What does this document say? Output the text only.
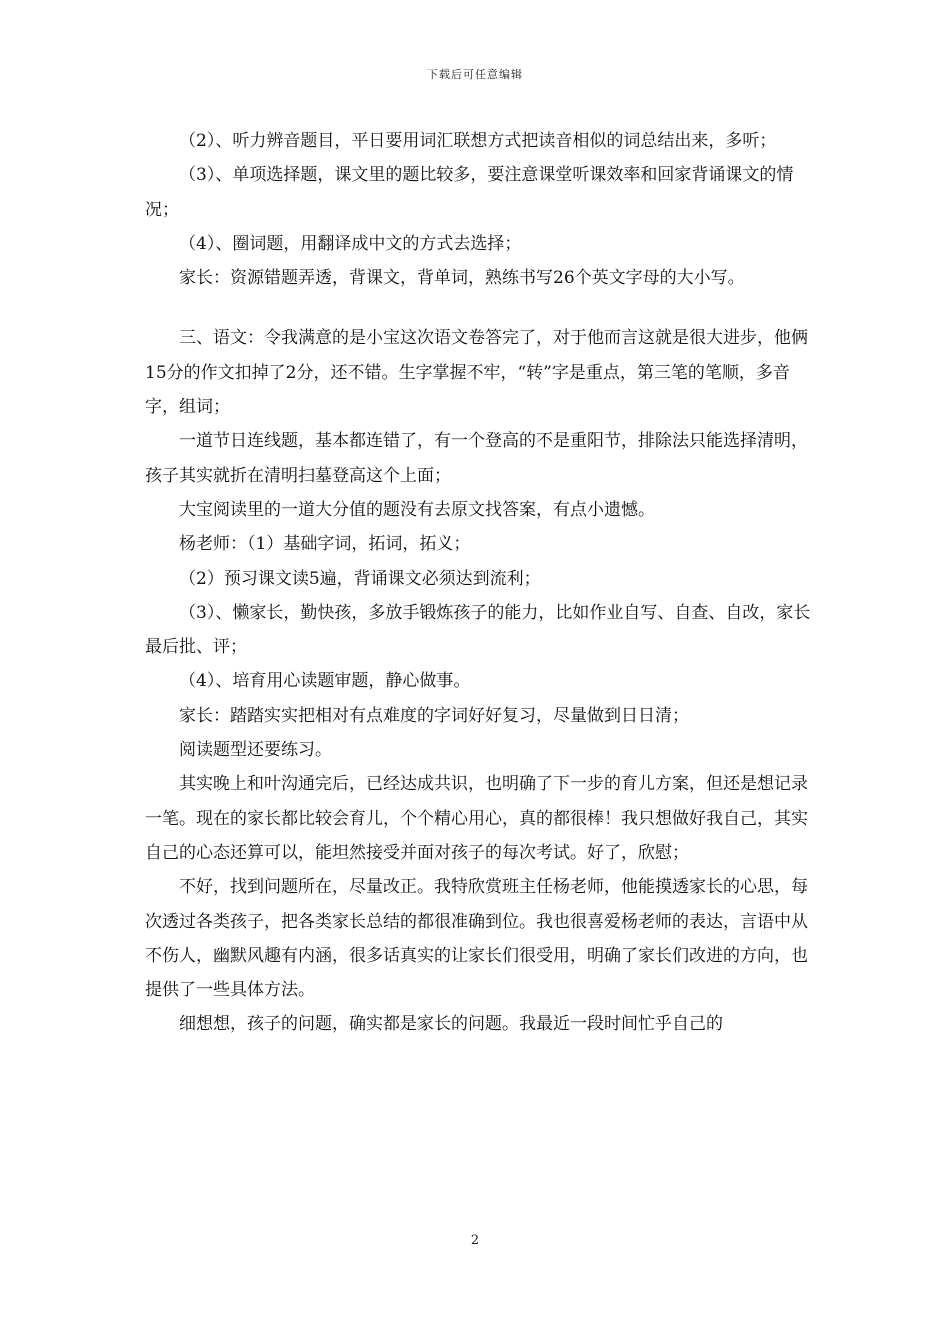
下载后可任意编辑

（2）、听力辨音题目，平日要用词汇联想方式把读音相似的词总结出来，多听；

（3）、单项选择题，课文里的题比较多，要注意课堂听课效率和回家背诵课文的情况；

（4）、圈词题，用翻译成中文的方式去选择；

家长：资源错题弄透，背课文，背单词，熟练书写26个英文字母的大小写。

三、语文：令我满意的是小宝这次语文卷答完了，对于他而言这就是很大进步，他俩15分的作文扣掉了2分，还不错。生字掌握不牢，“转”字是重点，第三笔的笔顺，多音字，组词；

一道节日连线题，基本都连错了，有一个登高的不是重阳节，排除法只能选择清明，孩子其实就折在清明扫墓登高这个上面；

大宝阅读里的一道大分值的题没有去原文找答案，有点小遗憾。

杨老师：（1）基础字词，拓词，拓义；

（2）预习课文读5遍，背诵课文必须达到流利；

（3）、懒家长，勤快孩，多放手锻炼孩子的能力，比如作业自写、自查、自改，家长最后批、评；

（4）、培育用心读题审题，静心做事。

家长：踏踏实实把相对有点难度的字词好好复习，尽量做到日日清；

阅读题型还要练习。

其实晚上和叶沟通完后，已经达成共识，也明确了下一步的育儿方案，但还是想记录一笔。现在的家长都比较会育儿，个个精心用心，真的都很棒！我只想做好我自己，其实自己的心态还算可以，能坦然接受并面对孩子的每次考试。好了，欣慰；

不好，找到问题所在，尽量改正。我特欣赏班主任杨老师，他能摸透家长的心思，每次透过各类孩子，把各类家长总结的都很准确到位。我也很喜爱杨老师的表达，言语中从不伤人，幽默风趣有内涵，很多话真实的让家长们很受用，明确了家长们改进的方向，也提供了一些具体方法。

细想想，孩子的问题，确实都是家长的问题。我最近一段时间忙乎自己的

2
